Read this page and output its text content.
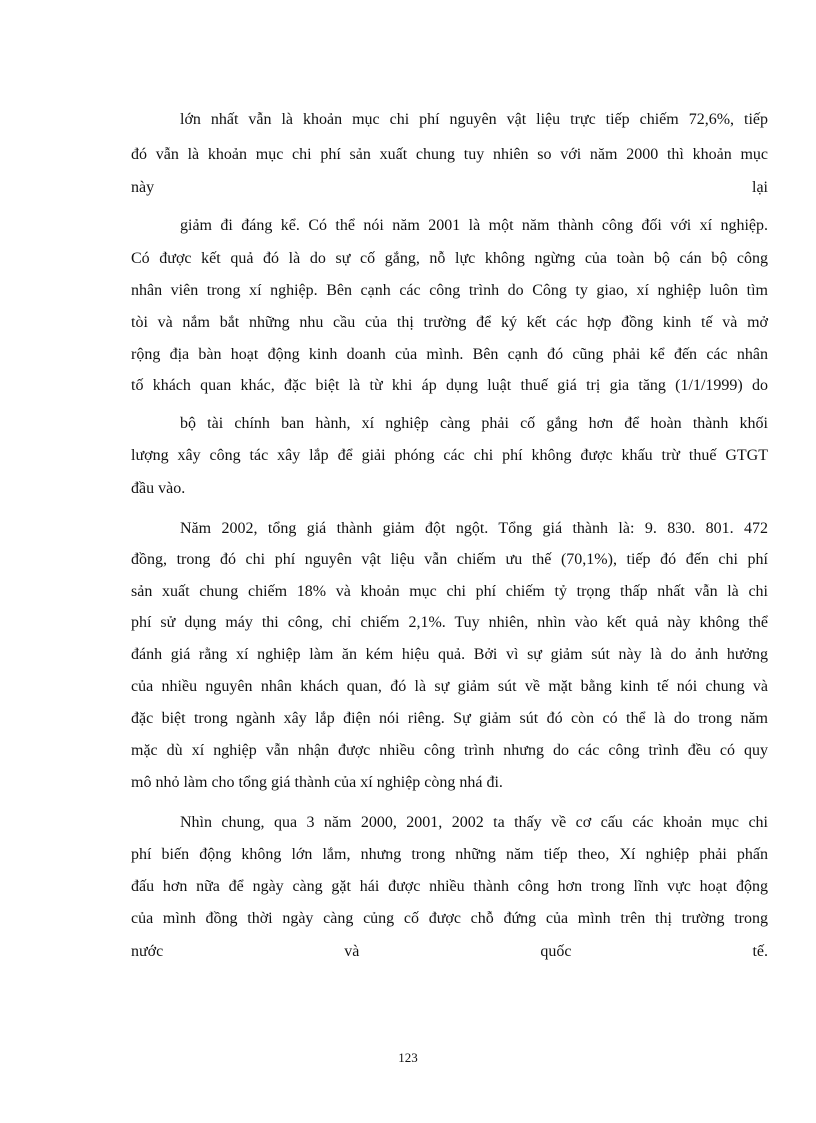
lớn nhất vẫn là khoản mục chi phí nguyên vật liệu trực tiếp chiếm 72,6%, tiếp
đó vẫn là khoản mục chi phí sản xuất chung tuy nhiên so với năm 2000 thì khoản mục
này	lại
giảm đi đáng kể. Có thể nói năm 2001 là một năm thành công đối với xí nghiệp.
Có được kết quả đó là do sự cố gắng, nỗ lực không ngừng của toàn bộ cán bộ công
nhân viên trong xí nghiệp. Bên cạnh các công trình do Công ty giao, xí nghiệp luôn tìm
tòi và nắm bắt những nhu cầu của thị trường để ký kết các hợp đồng kinh tế và mở
rộng địa bàn hoạt động kinh doanh của mình. Bên cạnh đó cũng phải kể đến các nhân
tố khách quan khác, đặc biệt là từ khi áp dụng luật thuế giá trị gia tăng (1/1/1999) do
bộ tài chính ban hành, xí nghiệp càng phải cố gắng hơn để hoàn thành khối
lượng xây công tác xây lắp để giải phóng các chi phí không được khấu trừ thuế GTGT
đầu vào.
Năm 2002, tổng giá thành giảm đột ngột. Tổng giá thành là: 9. 830. 801. 472
đồng, trong đó chi phí nguyên vật liệu vẫn chiếm ưu thế (70,1%), tiếp đó đến chi phí
sản xuất chung chiếm 18% và khoản mục chi phí chiếm tỷ trọng thấp nhất vẫn là chi
phí sử dụng máy thi công, chỉ chiếm 2,1%. Tuy nhiên, nhìn vào kết quả này không thể
đánh giá rằng xí nghiệp làm ăn kém hiệu quả. Bởi vì sự giảm sút này là do ảnh hưởng
của nhiều nguyên nhân khách quan, đó là sự giảm sút về mặt bằng kinh tế nói chung và
đặc biệt trong ngành xây lắp điện nói riêng. Sự giảm sút đó còn có thể là do trong năm
mặc dù xí nghiệp vẫn nhận được nhiều công trình nhưng do các công trình đều có quy
mô nhỏ làm cho tổng giá thành của xí nghiệp còng nhá đi.
Nhìn chung, qua 3 năm 2000, 2001, 2002 ta thấy về cơ cấu các khoản mục chi
phí biến động không lớn lắm, nhưng trong những năm tiếp theo, Xí nghiệp phải phấn
đấu hơn nữa để ngày càng gặt hái được nhiều thành công hơn trong lĩnh vực hoạt động
của mình đồng thời ngày càng củng cố được chỗ đứng của mình trên thị trường trong
nước	và	quốc	tế.
123
